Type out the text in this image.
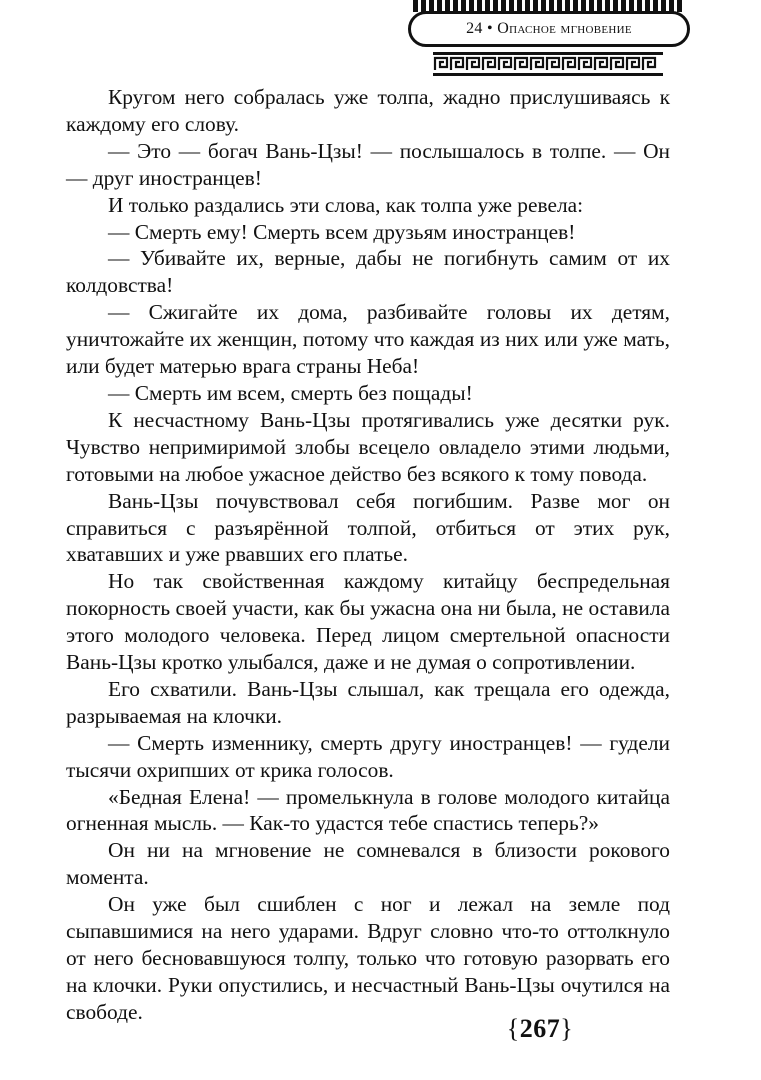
24 • Опасное мгновение

Кругом него собралась уже толпа, жадно прислушиваясь к каждому его слову.

— Это — богач Вань-Цзы! — послышалось в толпе. — Он — друг иностранцев!

И только раздались эти слова, как толпа уже ревела:

— Смерть ему! Смерть всем друзьям иностранцев!

— Убивайте их, верные, дабы не погибнуть самим от их колдовства!

— Сжигайте их дома, разбивайте головы их детям, уничтожайте их женщин, потому что каждая из них или уже мать, или будет матерью врага страны Неба!

— Смерть им всем, смерть без пощады!

К несчастному Вань-Цзы протягивались уже десятки рук. Чувство непримиримой злобы всецело овладело этими людьми, готовыми на любое ужасное действо без всякого к тому повода.

Вань-Цзы почувствовал себя погибшим. Разве мог он справиться с разъярённой толпой, отбиться от этих рук, хватавших и уже рвавших его платье.

Но так свойственная каждому китайцу беспредельная покорность своей участи, как бы ужасна она ни была, не оставила этого молодого человека. Перед лицом смертельной опасности Вань-Цзы кротко улыбался, даже и не думая о сопротивлении.

Его схватили. Вань-Цзы слышал, как трещала его одежда, разрываемая на клочки.

— Смерть изменнику, смерть другу иностранцев! — гудели тысячи охрипших от крика голосов.

«Бедная Елена! — промелькнула в голове молодого китайца огненная мысль. — Как-то удастся тебе спастись теперь?»

Он ни на мгновение не сомневался в близости рокового момента.

Он уже был сшиблен с ног и лежал на земле под сыпавшимися на него ударами. Вдруг словно что-то оттолкнуло от него бесновавшуюся толпу, только что готовую разорвать его на клочки. Руки опустились, и несчастный Вань-Цзы очутился на свободе.

{267}
